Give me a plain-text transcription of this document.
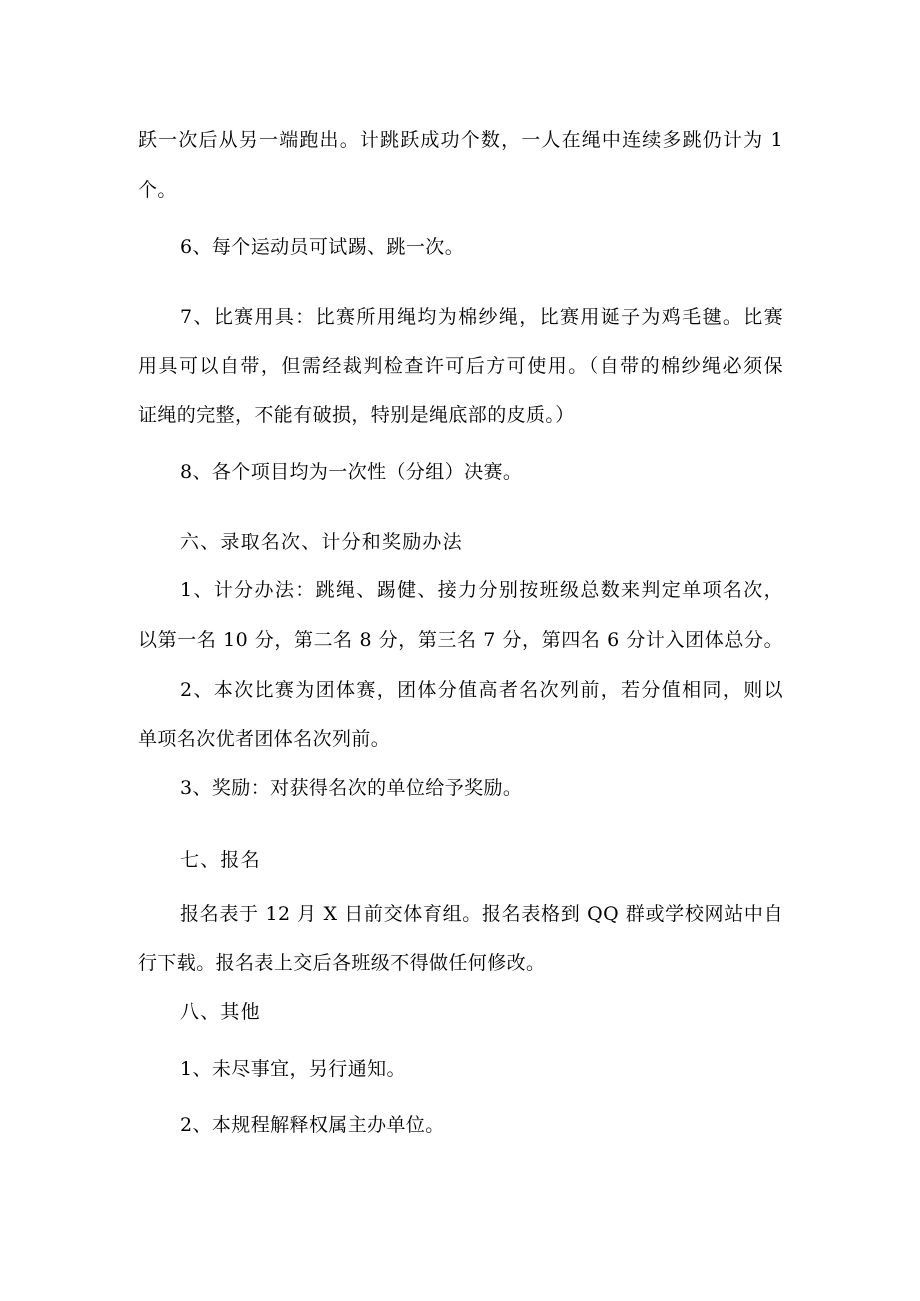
跃一次后从另一端跑出。计跳跃成功个数，一人在绳中连续多跳仍计为 1
个。
6、每个运动员可试踢、跳一次。
7、比赛用具：比赛所用绳均为棉纱绳，比赛用诞子为鸡毛毽。比赛
用具可以自带，但需经裁判检查许可后方可使用。（自带的棉纱绳必须保
证绳的完整，不能有破损，特别是绳底部的皮质。）
8、各个项目均为一次性（分组）决赛。
六、录取名次、计分和奖励办法
1、计分办法：跳绳、踢健、接力分别按班级总数来判定单项名次，
以第一名 10 分，第二名 8 分，第三名 7 分，第四名 6 分计入团体总分。
2、本次比赛为团体赛，团体分值高者名次列前，若分值相同，则以
单项名次优者团体名次列前。
3、奖励：对获得名次的单位给予奖励。
七、报名
报名表于 12 月 X 日前交体育组。报名表格到 QQ 群或学校网站中自
行下载。报名表上交后各班级不得做任何修改。
八、其他
1、未尽事宜，另行通知。
2、本规程解释权属主办单位。
